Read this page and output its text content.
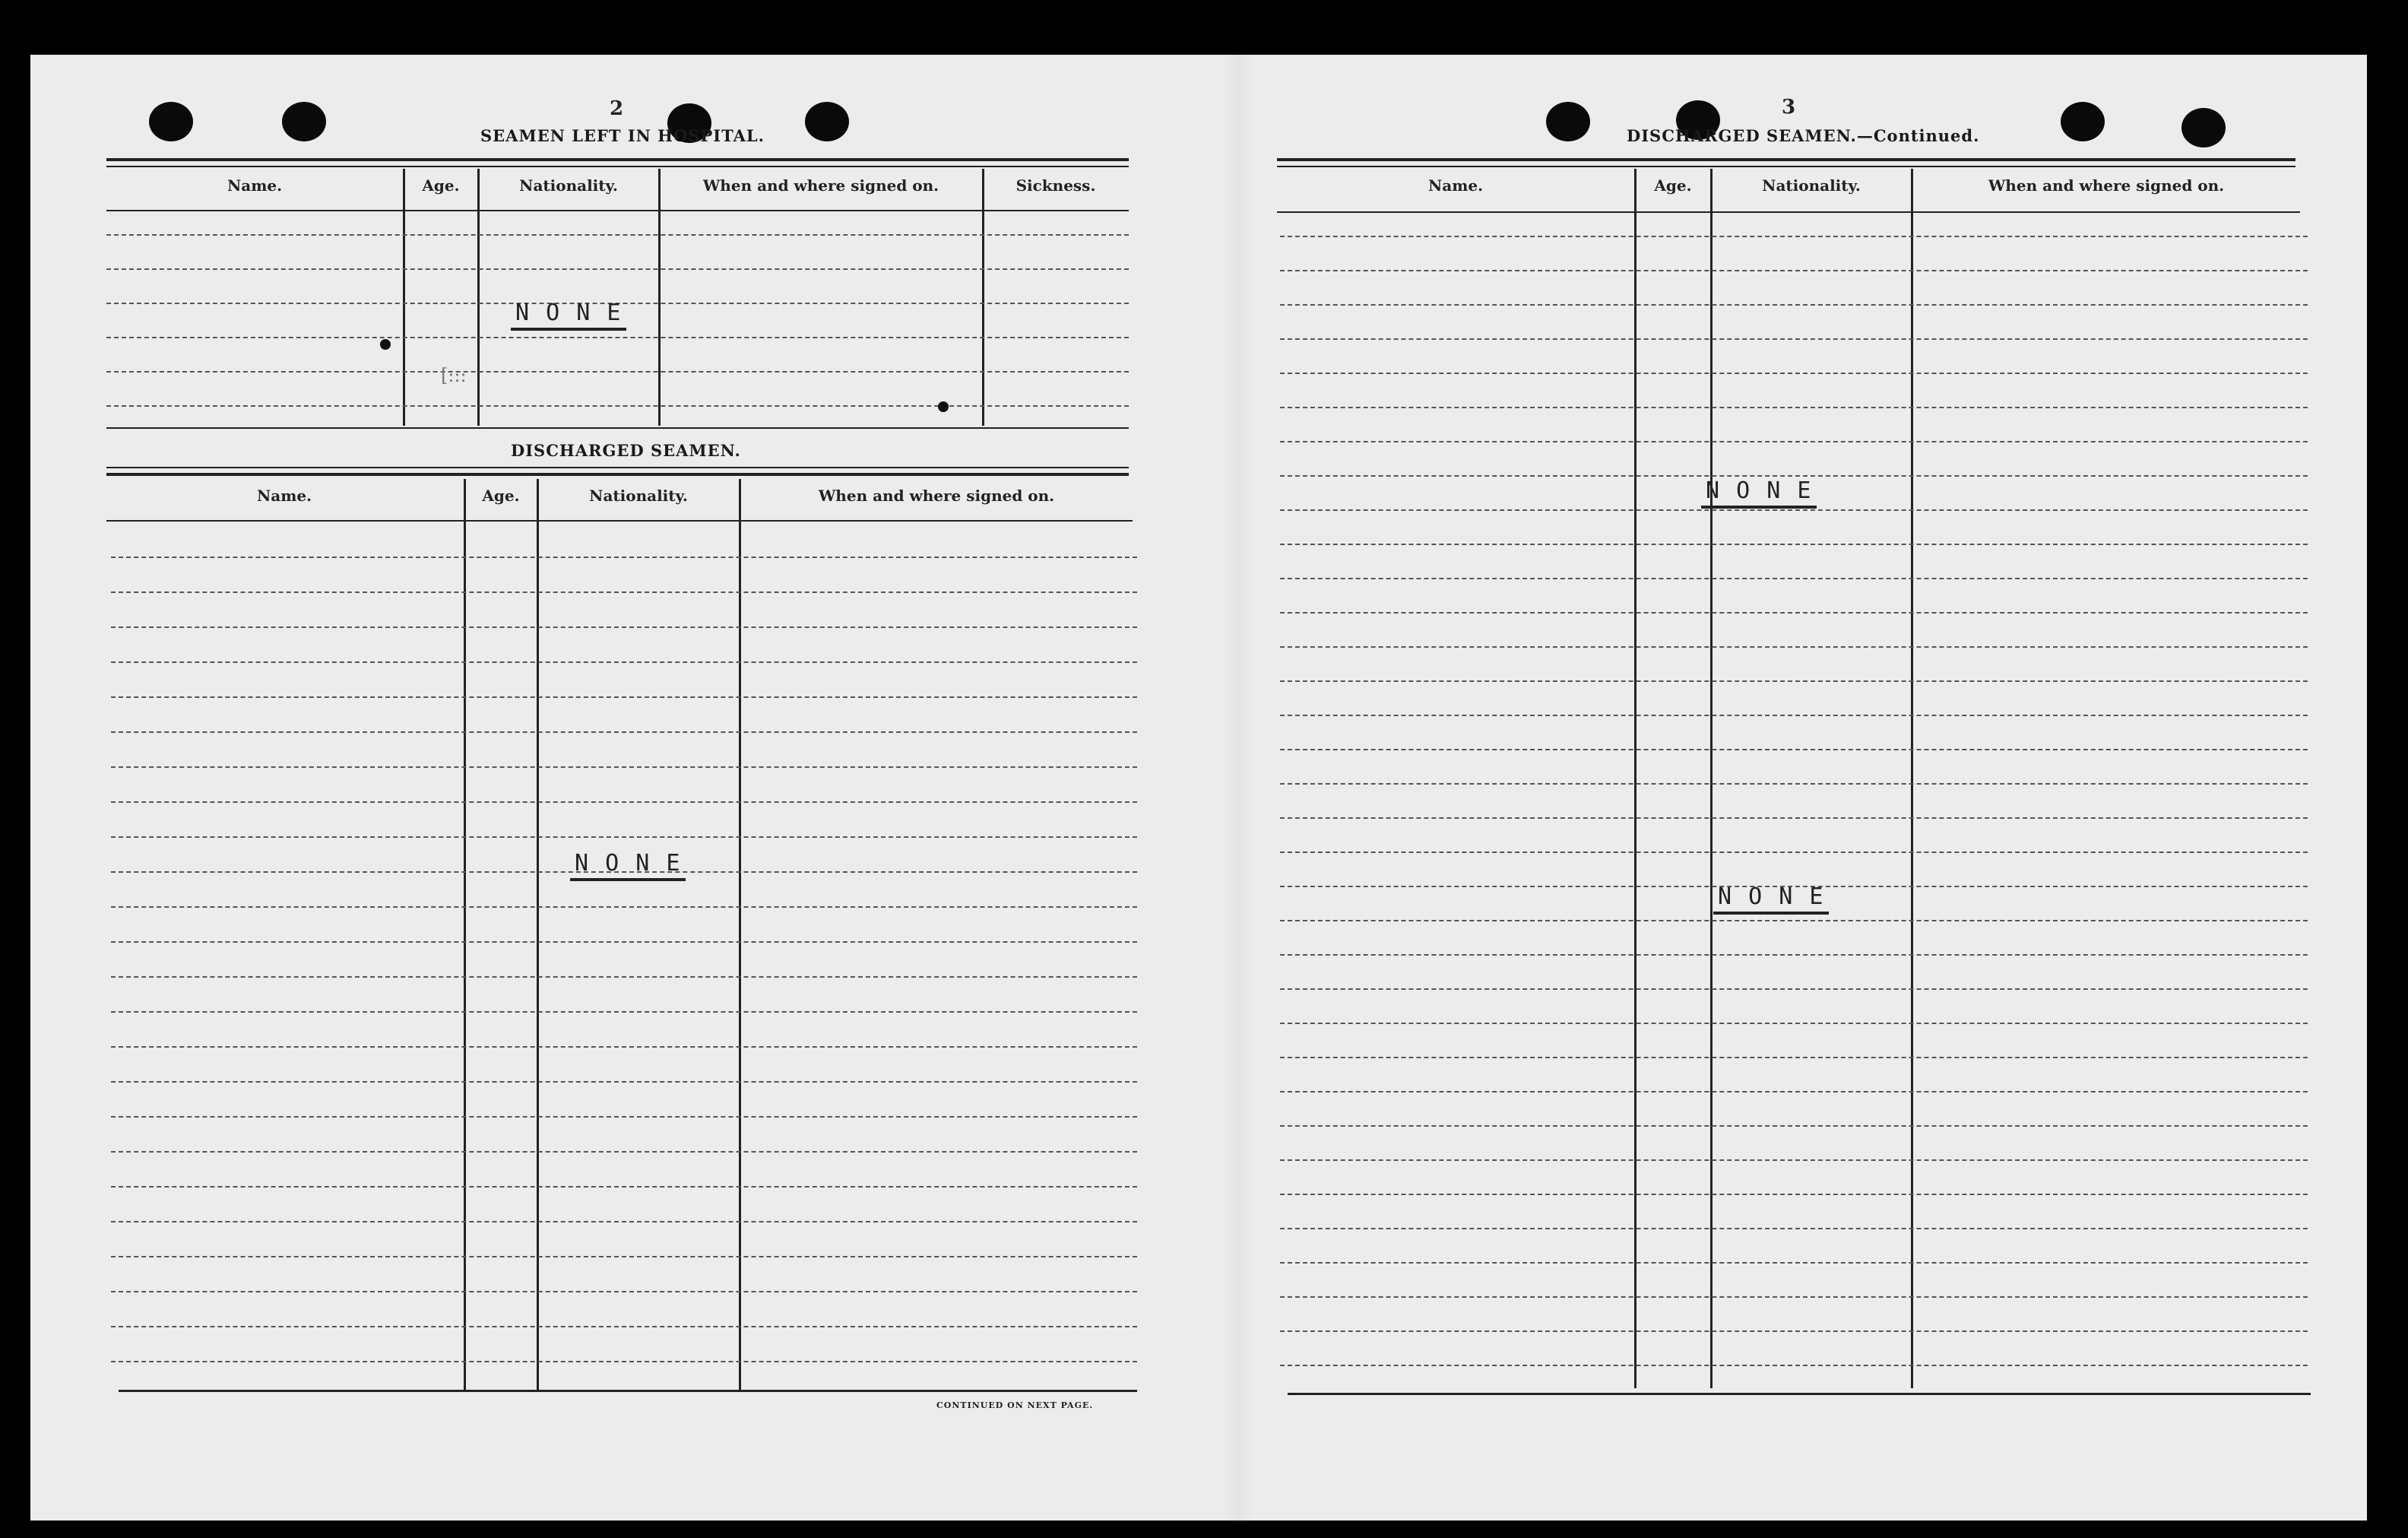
2
SEAMEN LEFT IN HOSPITAL.
Name.	Age.	Nationality.	When and where signed on.	Sickness.
N O N E
[:::
DISCHARGED SEAMEN.
Name.	Age.	Nationality.	When and where signed on.
N O N E
CONTINUED ON NEXT PAGE.
3
DISCHARGED SEAMEN.—Continued.
Name.	Age.	Nationality.	When and where signed on.
N O N E
N O N E
